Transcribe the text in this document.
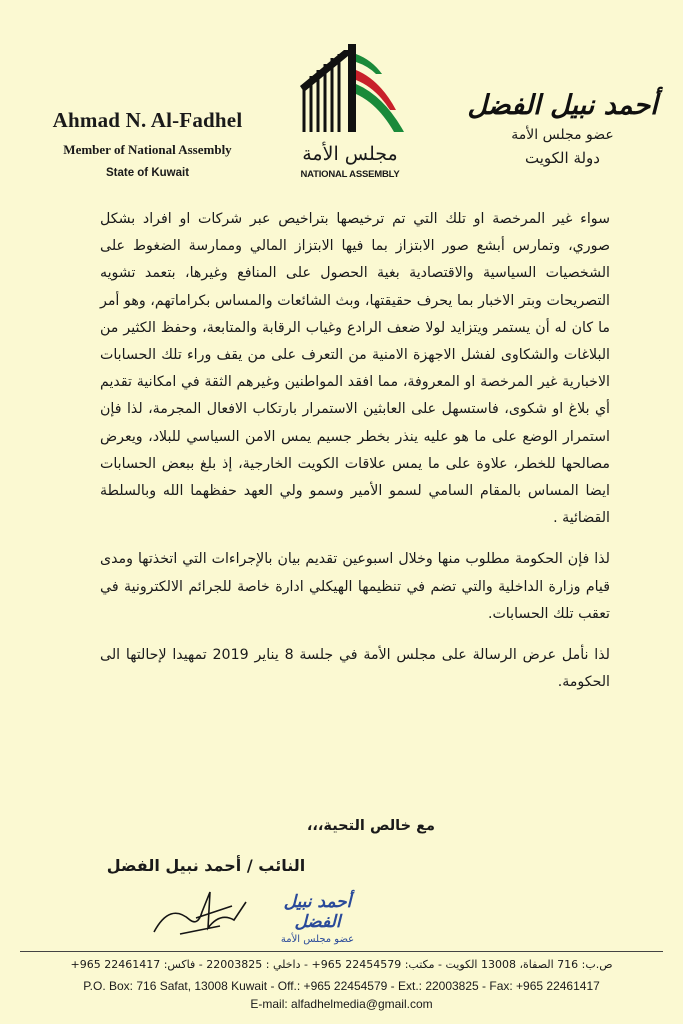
Ahmad N. Al-Fadhel
Member of National Assembly
State of Kuwait
مجلس الأمة
NATIONAL ASSEMBLY
أحمد نبيل الفضل
عضو مجلس الأمة
دولة الكويت

سواء غير المرخصة او تلك التي تم ترخيصها بتراخيص عبر شركات او افراد بشكل صوري، وتمارس أبشع صور الابتزاز بما فيها الابتزاز المالي وممارسة الضغوط على الشخصيات السياسية والاقتصادية بغية الحصول على المنافع وغيرها، بتعمد تشويه التصريحات وبتر الاخبار بما يحرف حقيقتها، وبث الشائعات والمساس بكراماتهم، وهو أمر ما كان له أن يستمر ويتزايد لولا ضعف الرادع وغياب الرقابة والمتابعة، وحفظ الكثير من البلاغات والشكاوى لفشل الاجهزة الامنية من التعرف على من يقف وراء تلك الحسابات الاخبارية غير المرخصة او المعروفة، مما افقد المواطنين وغيرهم الثقة في امكانية تقديم أي بلاغ او شكوى، فاستسهل على العابثين الاستمرار بارتكاب الافعال المجرمة، لذا فإن استمرار الوضع على ما هو عليه ينذر بخطر جسيم يمس الامن السياسي للبلاد، ويعرض مصالحها للخطر، علاوة على ما يمس علاقات الكويت الخارجية، إذ بلغ ببعض الحسابات ايضا المساس بالمقام السامي لسمو الأمير وسمو ولي العهد حفظهما الله وبالسلطة القضائية .

لذا فإن الحكومة مطلوب منها وخلال اسبوعين تقديم بيان بالإجراءات التي اتخذتها ومدى قيام وزارة الداخلية والتي تضم في تنظيمها الهيكلي ادارة خاصة للجرائم الالكترونية في تعقب تلك الحسابات.

لذا نأمل عرض الرسالة على مجلس الأمة في جلسة 8 يناير 2019 تمهيدا لإحالتها الى الحكومة.

مع خالص التحية،،،
النائب / أحمد نبيل الفضل
أحمد نبيل الفضل
عضو مجلس الأمة
ص.ب: 716 الصفاة، 13008 الكويت - مكتب: 22454579 965+ - داخلي : 22003825 - فاكس: 22461417 965+
P.O. Box: 716 Safat, 13008 Kuwait - Off.: +965 22454579 - Ext.: 22003825 - Fax: +965 22461417
E-mail: alfadhelmedia@gmail.com
